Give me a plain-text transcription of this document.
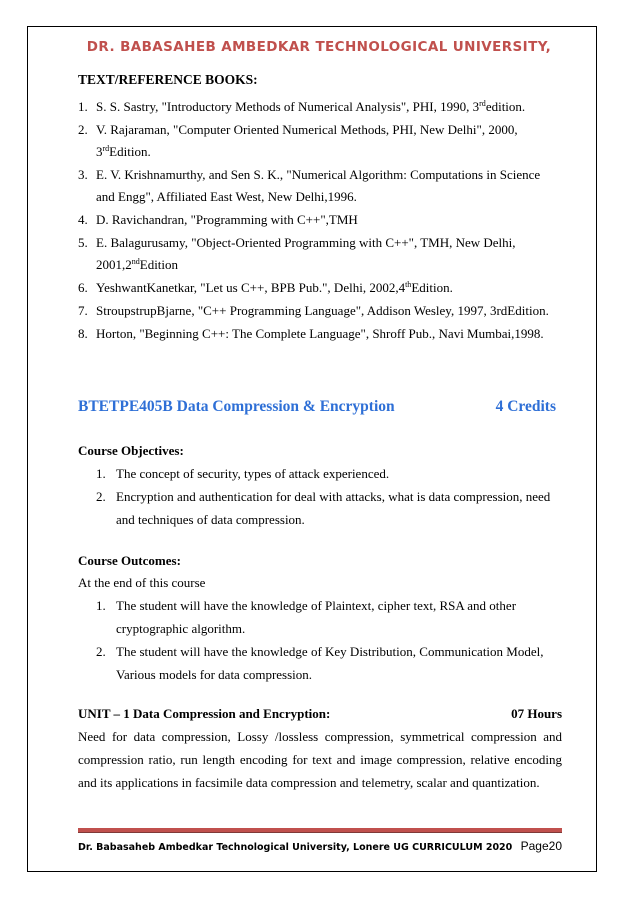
DR. BABASAHEB AMBEDKAR TECHNOLOGICAL UNIVERSITY,
TEXT/REFERENCE BOOKS:
1. S. S. Sastry, "Introductory Methods of Numerical Analysis", PHI, 1990, 3rdedition.
2. V. Rajaraman, "Computer Oriented Numerical Methods, PHI, New Delhi", 2000, 3rdEdition.
3. E. V. Krishnamurthy, and Sen S. K., "Numerical Algorithm: Computations in Science and Engg", Affiliated East West, New Delhi,1996.
4. D. Ravichandran, "Programming with C++",TMH
5. E. Balagurusamy, "Object-Oriented Programming with C++", TMH, New Delhi, 2001,2ndEdition
6. YeshwantKanetkar, "Let us C++, BPB Pub.", Delhi, 2002,4thEdition.
7. StroupstrupBjarne, "C++ Programming Language", Addison Wesley, 1997, 3rdEdition.
8. Horton, "Beginning C++: The Complete Language", Shroff Pub., Navi Mumbai,1998.
BTETPE405B Data Compression & Encryption	4 Credits
Course Objectives:
1. The concept of security, types of attack experienced.
2. Encryption and authentication for deal with attacks, what is data compression, need and techniques of data compression.
Course Outcomes:
At the end of this course
1. The student will have the knowledge of Plaintext, cipher text, RSA and other cryptographic algorithm.
2. The student will have the knowledge of Key Distribution, Communication Model, Various models for data compression.
UNIT – 1 Data Compression and Encryption:	07 Hours
Need for data compression, Lossy /lossless compression, symmetrical compression and compression ratio, run length encoding for text and image compression, relative encoding and its applications in facsimile data compression and telemetry, scalar and quantization.
Dr. Babasaheb Ambedkar Technological University, Lonere UG CURRICULUM 2020 Page20
